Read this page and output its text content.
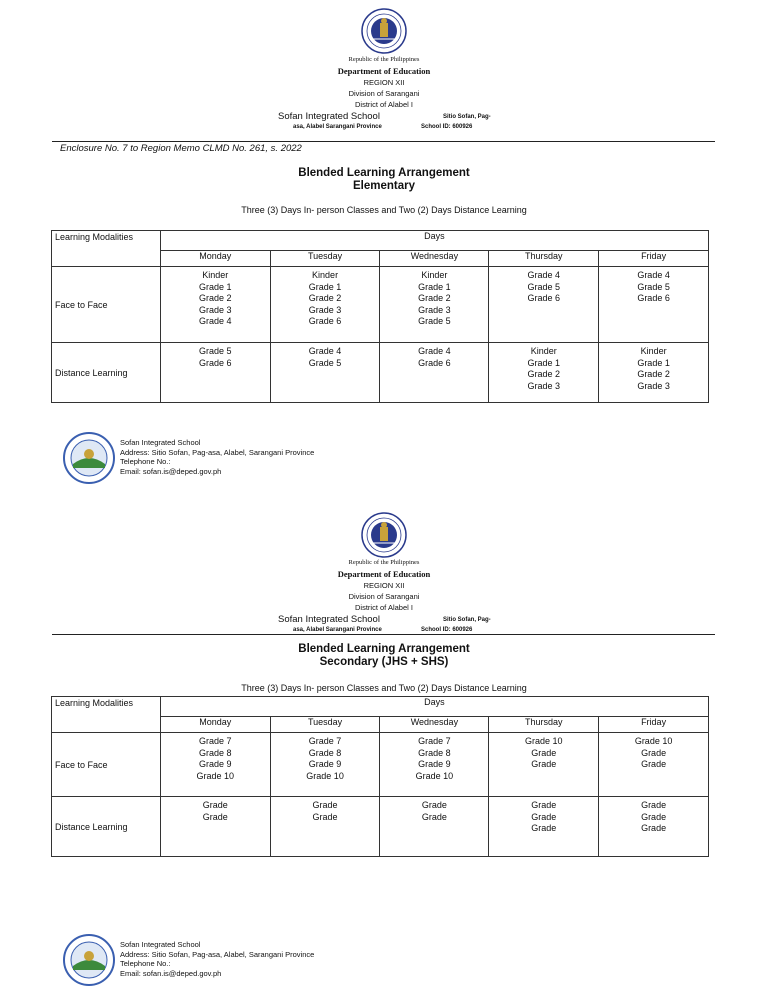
Republic of the Philippines
Department of Education
REGION XII
Division of Sarangani
District of Alabel I
Sofan Integrated School	Sitio Sofan, Pag-
asa, Alabel Sarangani Province	School ID: 600926
Enclosure No. 7 to Region Memo CLMD No. 261, s. 2022
Blended Learning Arrangement
Elementary
Three (3) Days In- person Classes and Two (2) Days Distance Learning
Learning Modalities	Days				
	Monday	Tuesday	Wednesday	Thursday	Friday
Face to Face	Kinder
Grade 1
Grade 2
Grade 3
Grade 4	Kinder
Grade 1
Grade 2
Grade 3
Grade 6	Kinder
Grade 1
Grade 2
Grade 3
Grade 5	Grade 4
Grade 5
Grade 6	Grade 4
Grade 5
Grade 6
Distance Learning	Grade 5
Grade 6	Grade 4
Grade 5	Grade 4
Grade 6	Kinder
Grade 1
Grade 2
Grade 3	Kinder
Grade 1
Grade 2
Grade 3
Sofan Integrated School
Address: Sitio Sofan, Pag-asa, Alabel, Sarangani Province
Telephone No.:
Email: sofan.is@deped.gov.ph
Republic of the Philippines
Department of Education
REGION XII
Division of Sarangani
District of Alabel I
Sofan Integrated School	Sitio Sofan, Pag-
asa, Alabel Sarangani Province	School ID: 600926
Blended Learning Arrangement
Secondary (JHS + SHS)
Three (3) Days In- person Classes and Two (2) Days Distance Learning
Learning Modalities	Days				
	Monday	Tuesday	Wednesday	Thursday	Friday
Face to Face	Grade 7
Grade 8
Grade 9
Grade 10	Grade 7
Grade 8
Grade 9
Grade 10	Grade 7
Grade 8
Grade 9
Grade 10	Grade 10
Grade
Grade	Grade 10
Grade
Grade
Distance Learning	Grade
Grade	Grade
Grade	Grade
Grade	Grade
Grade
Grade	Grade
Grade
Grade
Sofan Integrated School
Address: Sitio Sofan, Pag-asa, Alabel, Sarangani Province
Telephone No.:
Email: sofan.is@deped.gov.ph
